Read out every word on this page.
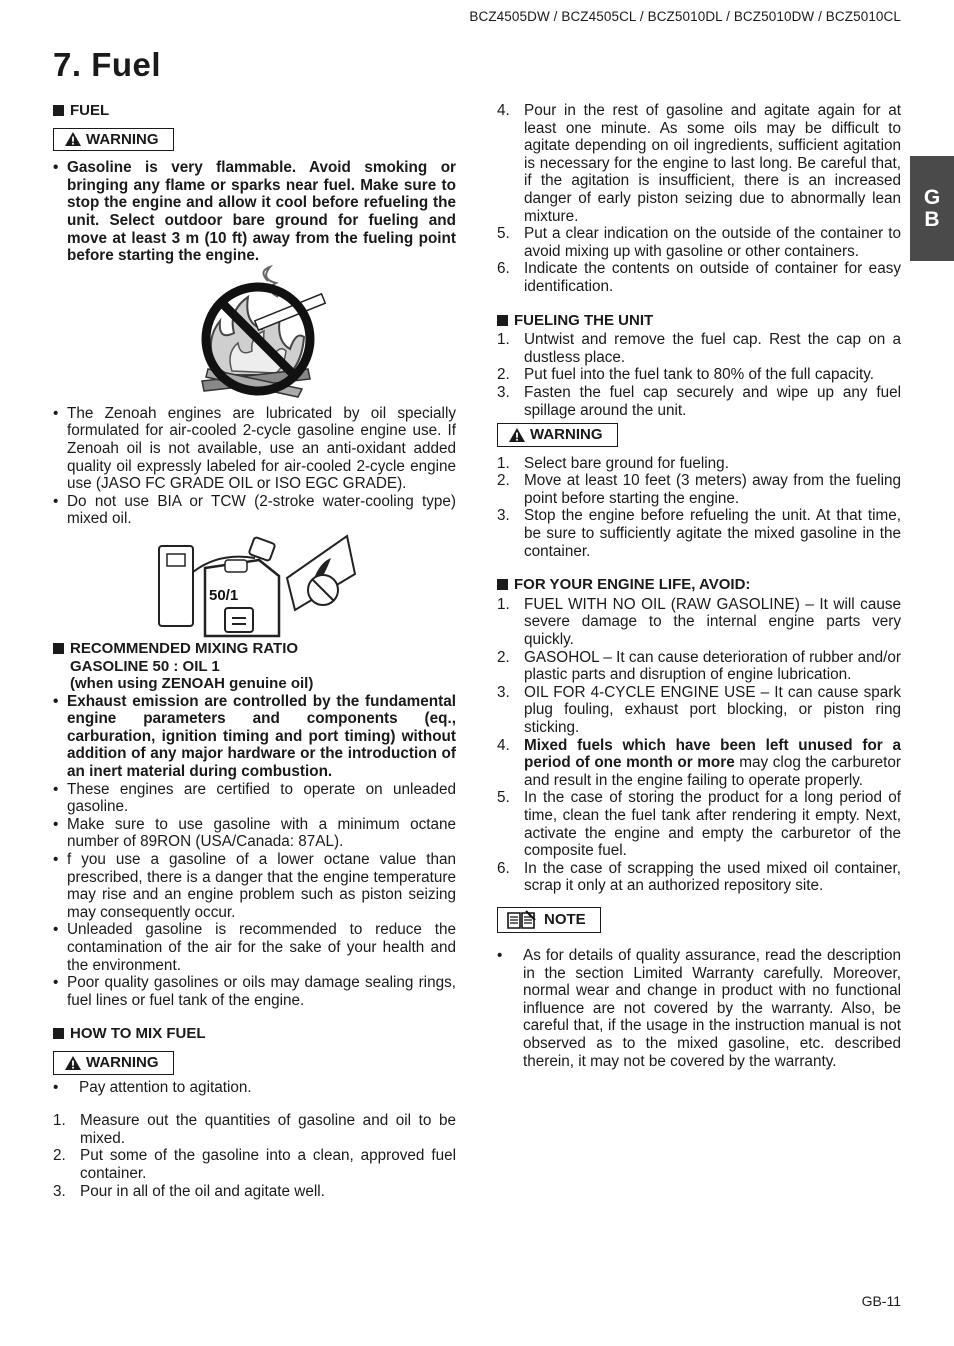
BCZ4505DW / BCZ4505CL / BCZ5010DL / BCZ5010DW / BCZ5010CL
7. Fuel
G
B
FUEL
WARNING
• Gasoline is very flammable. Avoid smoking or bringing any flame or sparks near fuel. Make sure to stop the engine and allow it cool before refueling the unit. Select outdoor bare ground for fueling and move at least 3 m (10 ft) away from the fueling point before starting the engine.
• The Zenoah engines are lubricated by oil specially formulated for air-cooled 2-cycle gasoline engine use. If Zenoah oil is not available, use an anti-oxidant added quality oil expressly labeled for air-cooled 2-cycle engine use (JASO FC GRADE OIL or ISO EGC GRADE).
• Do not use BIA or TCW (2-stroke water-cooling type) mixed oil.
50/1
RECOMMENDED MIXING RATIO
GASOLINE 50 : OIL 1
(when using ZENOAH genuine oil)
• Exhaust emission are controlled by the fundamental engine parameters and components (eq., carburation, ignition timing and port timing) without addition of any major hardware or the introduction of an inert material during combustion.
• These engines are certified to operate on unleaded gasoline.
• Make sure to use gasoline with a minimum octane number of 89RON (USA/Canada: 87AL).
• f you use a gasoline of a lower octane value than prescribed, there is a danger that the engine temperature may rise and an engine problem such as piston seizing may consequently occur.
• Unleaded gasoline is recommended to reduce the contamination of the air for the sake of your health and the environment.
• Poor quality gasolines or oils may damage sealing rings, fuel lines or fuel tank of the engine.
HOW TO MIX FUEL
WARNING
•	Pay attention to agitation.
1. Measure out the quantities of gasoline and oil to be mixed.
2. Put some of the gasoline into a clean, approved fuel container.
3. Pour in all of the oil and agitate well.
4. Pour in the rest of gasoline and agitate again for at least one minute. As some oils may be difficult to agitate depending on oil ingredients, sufficient agitation is necessary for the engine to last long. Be careful that, if the agitation is insufficient, there is an increased danger of early piston seizing due to abnormally lean mixture.
5. Put a clear indication on the outside of the container to avoid mixing up with gasoline or other containers.
6. Indicate the contents on outside of container for easy identification.
FUELING THE UNIT
1. Untwist and remove the fuel cap. Rest the cap on a dustless place.
2. Put fuel into the fuel tank to 80% of the full capacity.
3. Fasten the fuel cap securely and wipe up any fuel spillage around the unit.
WARNING
1. Select bare ground for fueling.
2. Move at least 10 feet (3 meters) away from the fueling point before starting the engine.
3. Stop the engine before refueling the unit. At that time, be sure to sufficiently agitate the mixed gasoline in the container.
FOR YOUR ENGINE LIFE, AVOID:
1. FUEL WITH NO OIL (RAW GASOLINE) – It will cause severe damage to the internal engine parts very quickly.
2. GASOHOL – It can cause deterioration of rubber and/or plastic parts and disruption of engine lubrication.
3. OIL FOR 4-CYCLE ENGINE USE – It can cause spark plug fouling, exhaust port blocking, or piston ring sticking.
4. Mixed fuels which have been left unused for a period of one month or more may clog the carburetor and result in the engine failing to operate properly.
5. In the case of storing the product for a long period of time, clean the fuel tank after rendering it empty. Next, activate the engine and empty the carburetor of the composite fuel.
6. In the case of scrapping the used mixed oil container, scrap it only at an authorized repository site.
NOTE
•	As for details of quality assurance, read the description in the section Limited Warranty carefully. Moreover, normal wear and change in product with no functional influence are not covered by the warranty. Also, be careful that, if the usage in the instruction manual is not observed as to the mixed gasoline, etc. described therein, it may not be covered by the warranty.
GB-11
